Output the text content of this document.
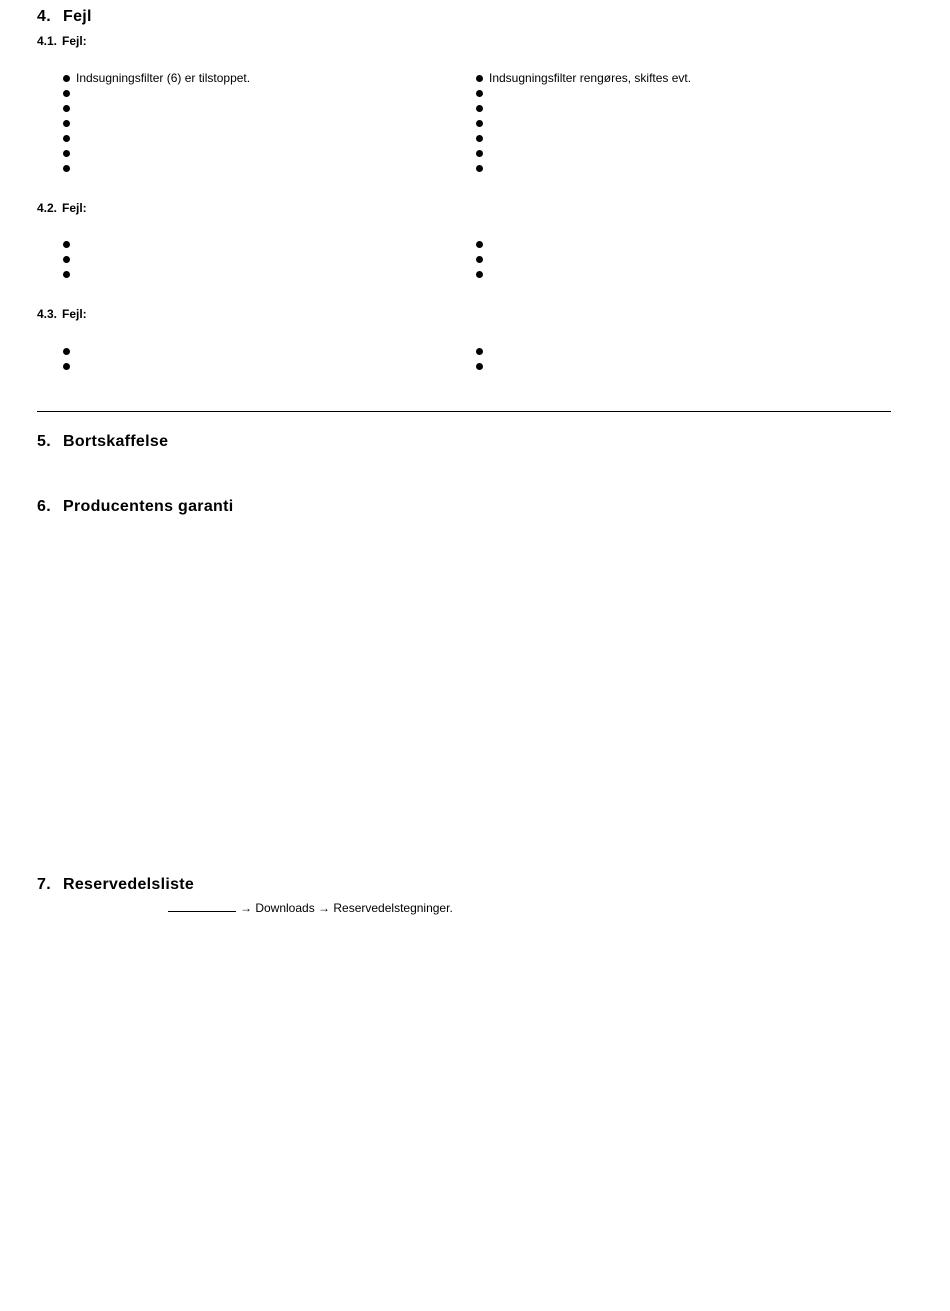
4. Fejl
4.1. Fejl:
Indsugningsfilter (6) er tilstoppet.	Indsugningsfilter rengøres, skiftes evt.
4.2. Fejl:
4.3. Fejl:
5. Bortskaffelse
6. Producentens garanti
7. Reservedelsliste
→ Downloads → Reservedelstegninger.
